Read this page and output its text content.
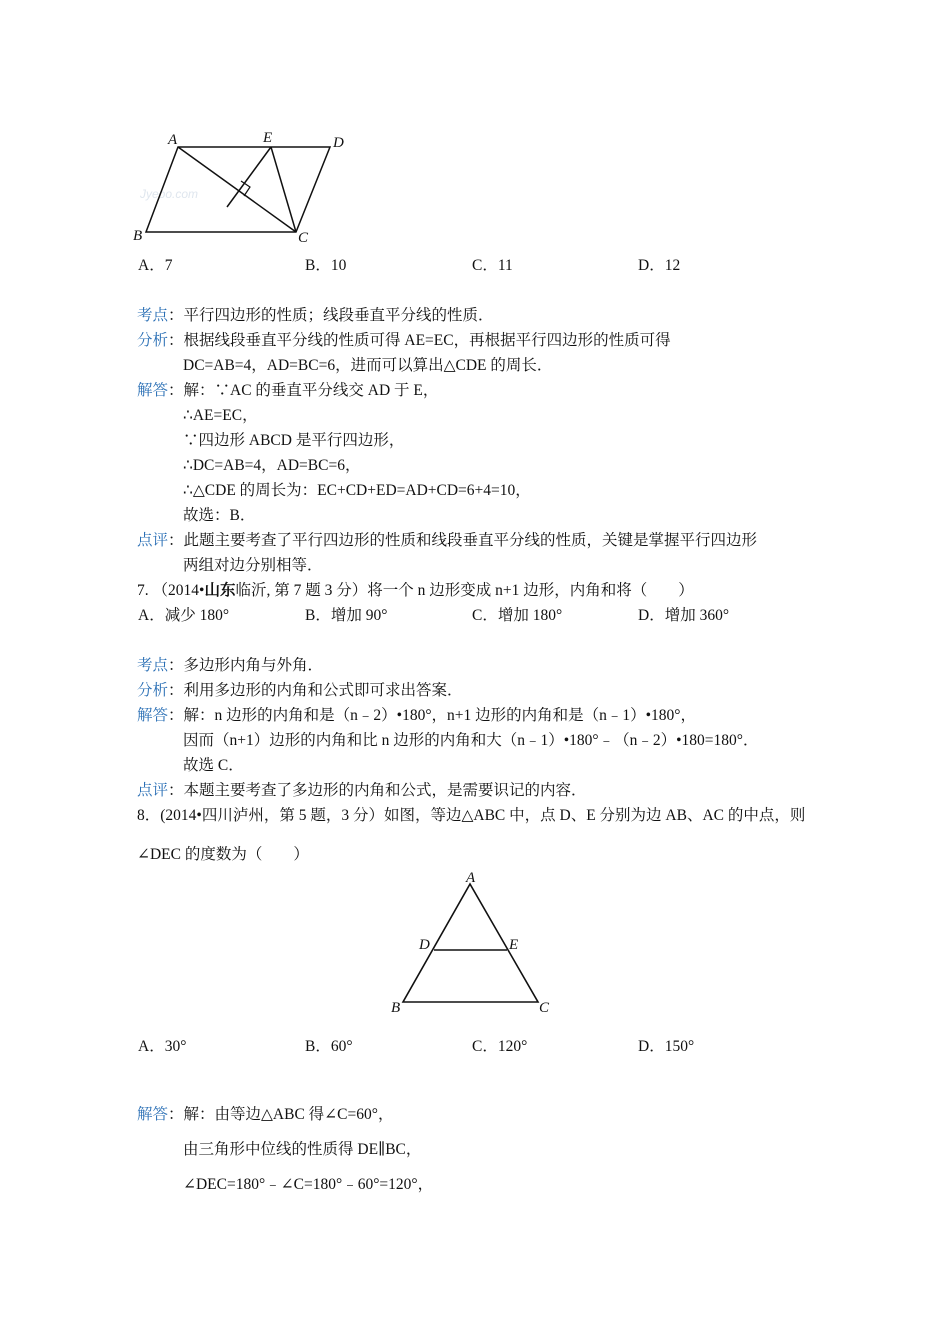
Jyeoo.com
A	E	D
B	C
A．7	B．10	C．11	D．12
考点：平行四边形的性质；线段垂直平分线的性质．
分析：根据线段垂直平分线的性质可得 AE=EC，再根据平行四边形的性质可得
DC=AB=4，AD=BC=6，进而可以算出△CDE 的周长．
解答：解：∵AC 的垂直平分线交 AD 于 E，
∴AE=EC，
∵四边形 ABCD 是平行四边形，
∴DC=AB=4，AD=BC=6，
∴△CDE 的周长为：EC+CD+ED=AD+CD=6+4=10，
故选：B．
点评：此题主要考查了平行四边形的性质和线段垂直平分线的性质，关键是掌握平行四边形
两组对边分别相等．
7. （2014•山东临沂, 第 7 题 3 分）将一个 n 边形变成 n+1 边形，内角和将（　　）
A．减少 180°	B．增加 90°	C．增加 180°	D．增加 360°
考点：多边形内角与外角．
分析：利用多边形的内角和公式即可求出答案．
解答：解：n 边形的内角和是（n﹣2）•180°，n+1 边形的内角和是（n﹣1）•180°，
因而（n+1）边形的内角和比 n 边形的内角和大（n﹣1）•180°﹣（n﹣2）•180=180°．
故选 C．
点评：本题主要考查了多边形的内角和公式，是需要识记的内容．
8．(2014•四川泸州，第 5 题，3 分）如图，等边△ABC 中，点 D、E 分别为边 AB、AC 的中点，则
∠DEC 的度数为（　　）
A
D	E
B	C
A．30°	B．60°	C．120°	D．150°
解答：解：由等边△ABC 得∠C=60°，
由三角形中位线的性质得 DE∥BC，
∠DEC=180°﹣∠C=180°﹣60°=120°，
